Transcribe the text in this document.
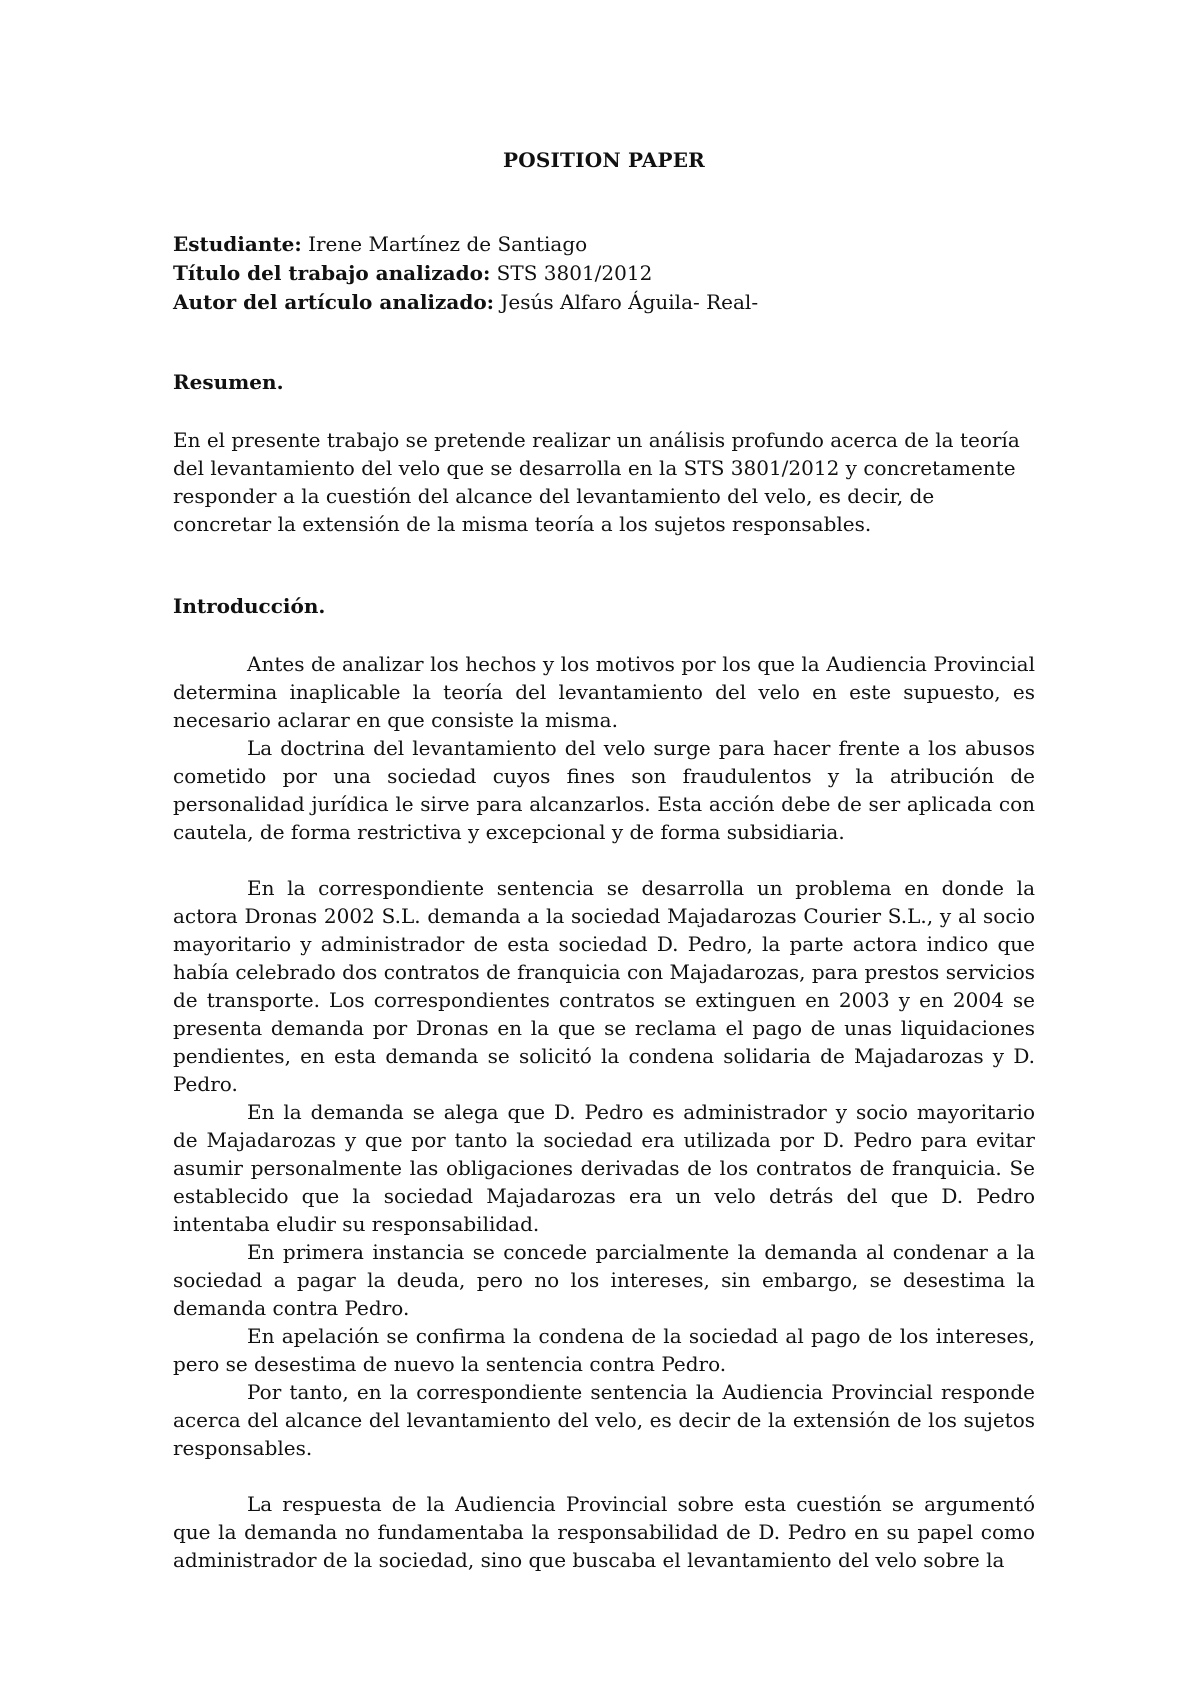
POSITION PAPER
Estudiante: Irene Martínez de Santiago
Título del trabajo analizado: STS 3801/2012
Autor del artículo analizado: Jesús Alfaro Águila- Real-
Resumen.

En el presente trabajo se pretende realizar un análisis profundo acerca de la teoría del levantamiento del velo que se desarrolla en la STS 3801/2012 y concretamente responder a la cuestión del alcance del levantamiento del velo, es decir, de concretar la extensión de la misma teoría a los sujetos responsables.

Introducción.

Antes de analizar los hechos y los motivos por los que la Audiencia Provincial determina inaplicable la teoría del levantamiento del velo en este supuesto, es necesario aclarar en que consiste la misma.

La doctrina del levantamiento del velo surge para hacer frente a los abusos cometido por una sociedad cuyos fines son fraudulentos y la atribución de personalidad jurídica le sirve para alcanzarlos. Esta acción debe de ser aplicada con cautela, de forma restrictiva y excepcional y de forma subsidiaria.

En la correspondiente sentencia se desarrolla un problema en donde la actora Dronas 2002 S.L. demanda a la sociedad Majadarozas Courier S.L., y al socio mayoritario y administrador de esta sociedad D. Pedro, la parte actora indico que había celebrado dos contratos de franquicia con Majadarozas, para prestos servicios de transporte. Los correspondientes contratos se extinguen en 2003 y en 2004 se presenta demanda por Dronas en la que se reclama el pago de unas liquidaciones pendientes, en esta demanda se solicitó la condena solidaria de Majadarozas y D. Pedro.

En la demanda se alega que D. Pedro es administrador y socio mayoritario de Majadarozas y que por tanto la sociedad era utilizada por D. Pedro para evitar asumir personalmente las obligaciones derivadas de los contratos de franquicia. Se establecido que la sociedad Majadarozas era un velo detrás del que D. Pedro intentaba eludir su responsabilidad.

En primera instancia se concede parcialmente la demanda al condenar a la sociedad a pagar la deuda, pero no los intereses, sin embargo, se desestima la demanda contra Pedro.

En apelación se confirma la condena de la sociedad al pago de los intereses, pero se desestima de nuevo la sentencia contra Pedro.

Por tanto, en la correspondiente sentencia la Audiencia Provincial responde acerca del alcance del levantamiento del velo, es decir de la extensión de los sujetos responsables.

La respuesta de la Audiencia Provincial sobre esta cuestión se argumentó que la demanda no fundamentaba la responsabilidad de D. Pedro en su papel como administrador de la sociedad, sino que buscaba el levantamiento del velo sobre la
